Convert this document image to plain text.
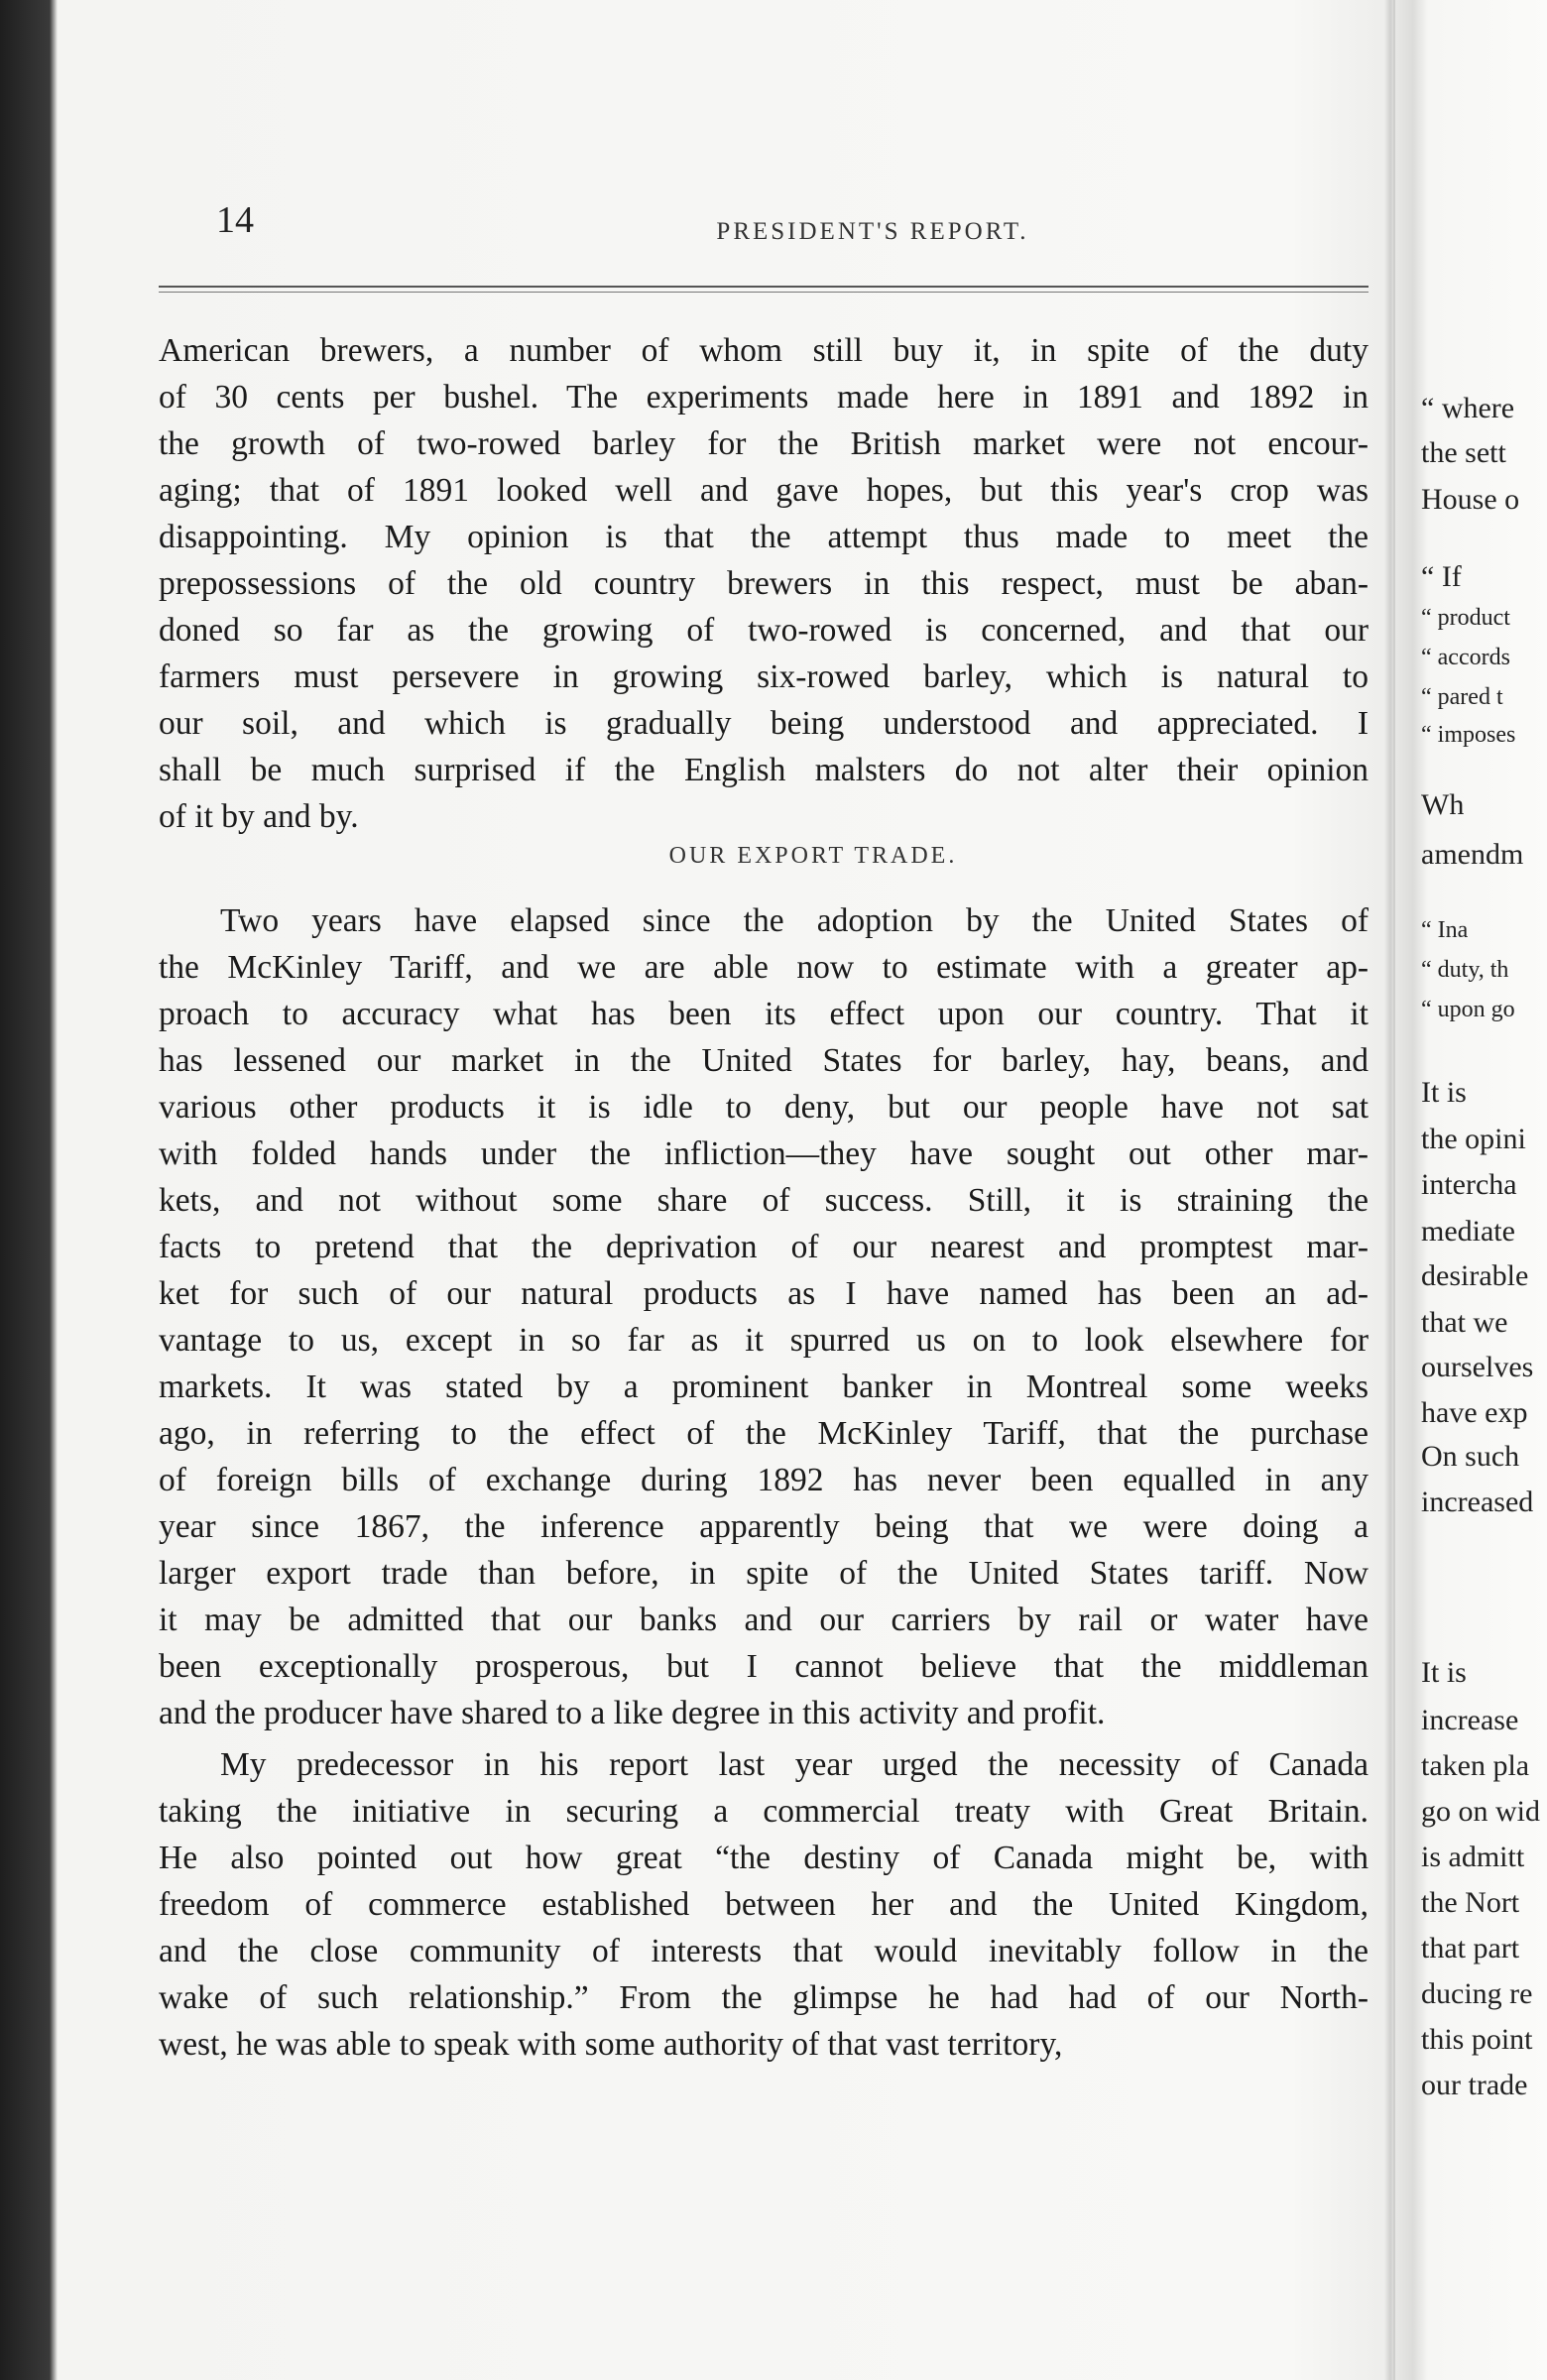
14	PRESIDENT'S REPORT.
American brewers, a number of whom still buy it, in spite of the duty
of 30 cents per bushel. The experiments made here in 1891 and 1892 in
the growth of two-rowed barley for the British market were not encour-
aging; that of 1891 looked well and gave hopes, but this year's crop was
disappointing. My opinion is that the attempt thus made to meet the
prepossessions of the old country brewers in this respect, must be aban-
doned so far as the growing of two-rowed is concerned, and that our
farmers must persevere in growing six-rowed barley, which is natural to
our soil, and which is gradually being understood and appreciated. I
shall be much surprised if the English malsters do not alter their opinion
of it by and by.
OUR EXPORT TRADE.
Two years have elapsed since the adoption by the United States of
the McKinley Tariff, and we are able now to estimate with a greater ap-
proach to accuracy what has been its effect upon our country. That it
has lessened our market in the United States for barley, hay, beans, and
various other products it is idle to deny, but our people have not sat
with folded hands under the infliction—they have sought out other mar-
kets, and not without some share of success. Still, it is straining the
facts to pretend that the deprivation of our nearest and promptest mar-
ket for such of our natural products as I have named has been an ad-
vantage to us, except in so far as it spurred us on to look elsewhere for
markets. It was stated by a prominent banker in Montreal some weeks
ago, in referring to the effect of the McKinley Tariff, that the purchase
of foreign bills of exchange during 1892 has never been equalled in any
year since 1867, the inference apparently being that we were doing a
larger export trade than before, in spite of the United States tariff. Now
it may be admitted that our banks and our carriers by rail or water have
been exceptionally prosperous, but I cannot believe that the middleman
and the producer have shared to a like degree in this activity and profit.
My predecessor in his report last year urged the necessity of Canada
taking the initiative in securing a commercial treaty with Great Britain.
He also pointed out how great “the destiny of Canada might be, with
freedom of commerce established between her and the United Kingdom,
and the close community of interests that would inevitably follow in the
wake of such relationship.” From the glimpse he had had of our North-
west, he was able to speak with some authority of that vast territory,
“ where
the sett
House o
“ If
“ product
“ accords
“ pared t
“ imposes
Wh
amendm
“ Ina
“ duty, th
“ upon go
It is
the opini
intercha
mediate
desirable
that we
ourselves
have exp
On such
increased
It is
increase
taken pla
go on wid
is admitt
the Nort
that part
ducing re
this point
our trade
